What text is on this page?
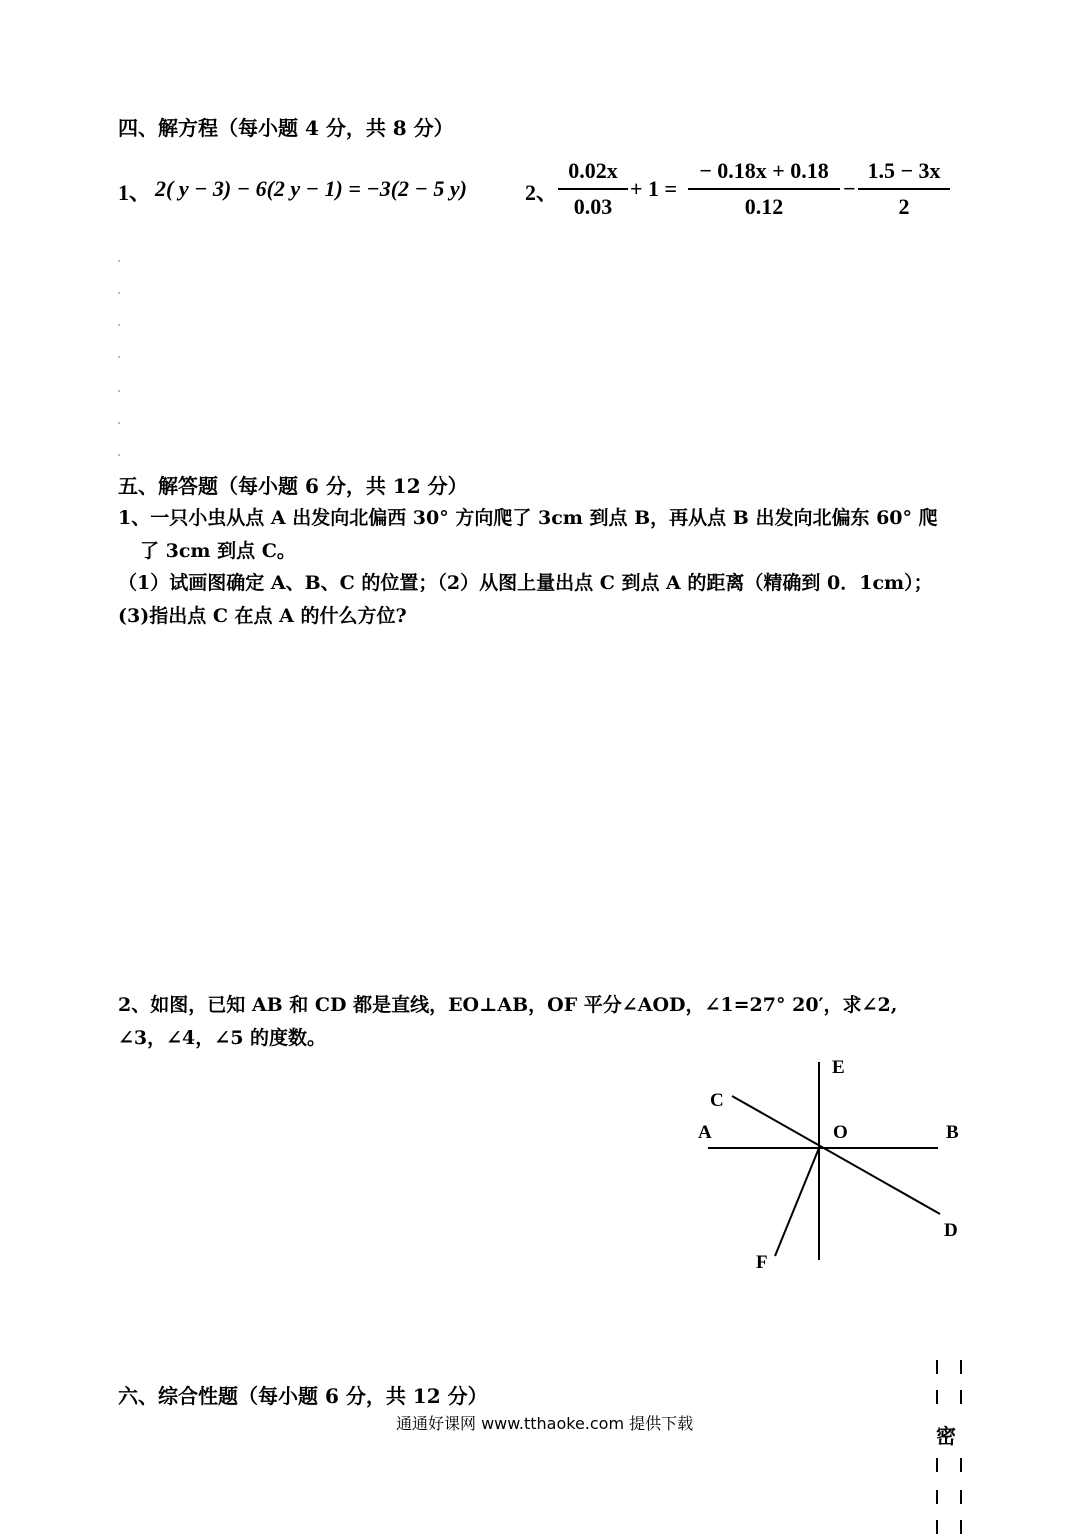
四、解方程（每小题 4 分，共 8 分）
1、 2( y − 3) − 6(2 y − 1) = −3(2 − 5 y)	2、
0.02x
0.03
+ 1 =
− 0.18x + 0.18
0.12
−
1.5 − 3x
2
五、解答题（每小题 6 分，共 12 分）
1、一只小虫从点 A 出发向北偏西 30° 方向爬了 3cm 到点 B，再从点 B 出发向北偏东 60° 爬
了 3cm 到点 C。
（1）试画图确定 A、B、C 的位置；（2）从图上量出点 C 到点 A 的距离（精确到 0．1cm）；
(3)指出点 C 在点 A 的什么方位?
2、如图，已知 AB 和 CD 都是直线，EO⊥AB，OF 平分∠AOD，∠1=27° 20′，求∠2,
∠3，∠4，∠5 的度数。
A	B
C
D
E
F
O
六、综合性题（每小题 6 分，共 12 分）
通通好课网 www.tthaoke.com 提供下载
密
